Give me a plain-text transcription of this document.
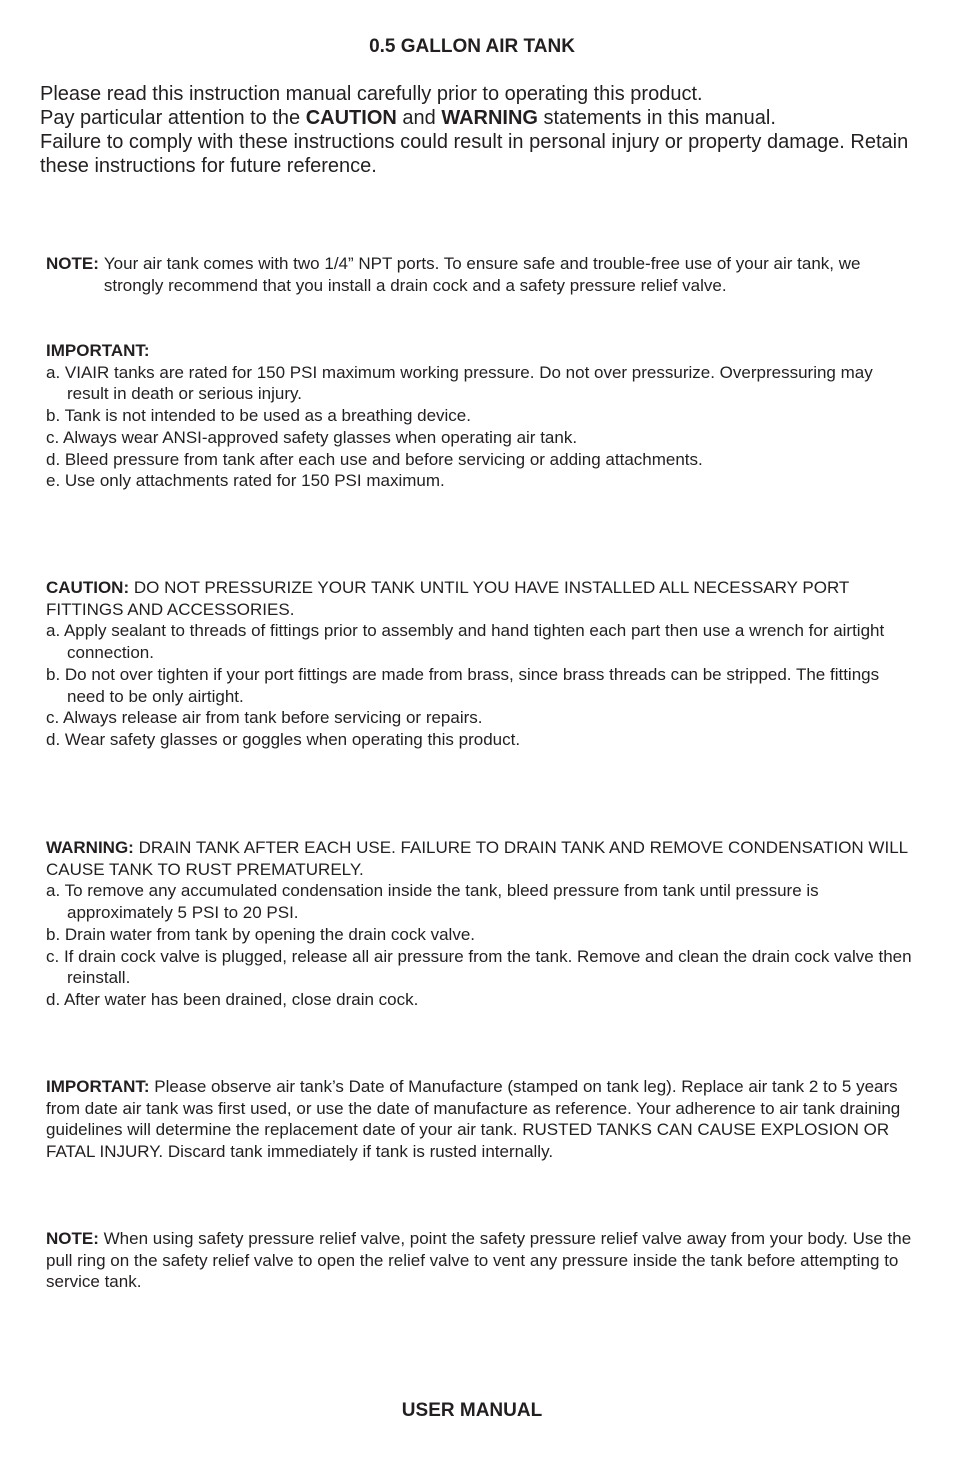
0.5 GALLON AIR TANK

Please read this instruction manual carefully prior to operating this product.

Pay particular attention to the CAUTION and WARNING statements in this manual.

Failure to comply with these instructions could result in personal injury or property damage. Retain these instructions for future reference.

NOTE: Your air tank comes with two 1/4” NPT ports. To ensure safe and trouble-free use of your air tank, we strongly recommend that you install a drain cock and a safety pressure relief valve.

IMPORTANT:

a. VIAIR tanks are rated for 150 PSI maximum working pressure. Do not over pressurize. Overpressuring may result in death or serious injury.
b. Tank is not intended to be used as a breathing device.
c. Always wear ANSI-approved safety glasses when operating air tank.
d. Bleed pressure from tank after each use and before servicing or adding attachments.
e. Use only attachments rated for 150 PSI maximum.

CAUTION: DO NOT PRESSURIZE YOUR TANK UNTIL YOU HAVE INSTALLED ALL NECESSARY PORT FITTINGS AND ACCESSORIES.

a. Apply sealant to threads of fittings prior to assembly and hand tighten each part then use a wrench for airtight connection.
b. Do not over tighten if your port fittings are made from brass, since brass threads can be stripped. The fittings need to be only airtight.
c. Always release air from tank before servicing or repairs.
d. Wear safety glasses or goggles when operating this product.

WARNING: DRAIN TANK AFTER EACH USE. FAILURE TO DRAIN TANK AND REMOVE CONDENSATION WILL CAUSE TANK TO RUST PREMATURELY.

a. To remove any accumulated condensation inside the tank, bleed pressure from tank until pressure is approximately 5 PSI to 20 PSI.
b. Drain water from tank by opening the drain cock valve.
c. If drain cock valve is plugged, release all air pressure from the tank. Remove and clean the drain cock valve then reinstall.
d. After water has been drained, close drain cock.

IMPORTANT: Please observe air tank’s Date of Manufacture (stamped on tank leg). Replace air tank 2 to 5 years from date air tank was first used, or use the date of manufacture as reference. Your adherence to air tank draining guidelines will determine the replacement date of your air tank. RUSTED TANKS CAN CAUSE EXPLOSION OR FATAL INJURY. Discard tank immediately if tank is rusted internally.

NOTE: When using safety pressure relief valve, point the safety pressure relief valve away from your body. Use the pull ring on the safety relief valve to open the relief valve to vent any pressure inside the tank before attempting to service tank.

USER MANUAL
